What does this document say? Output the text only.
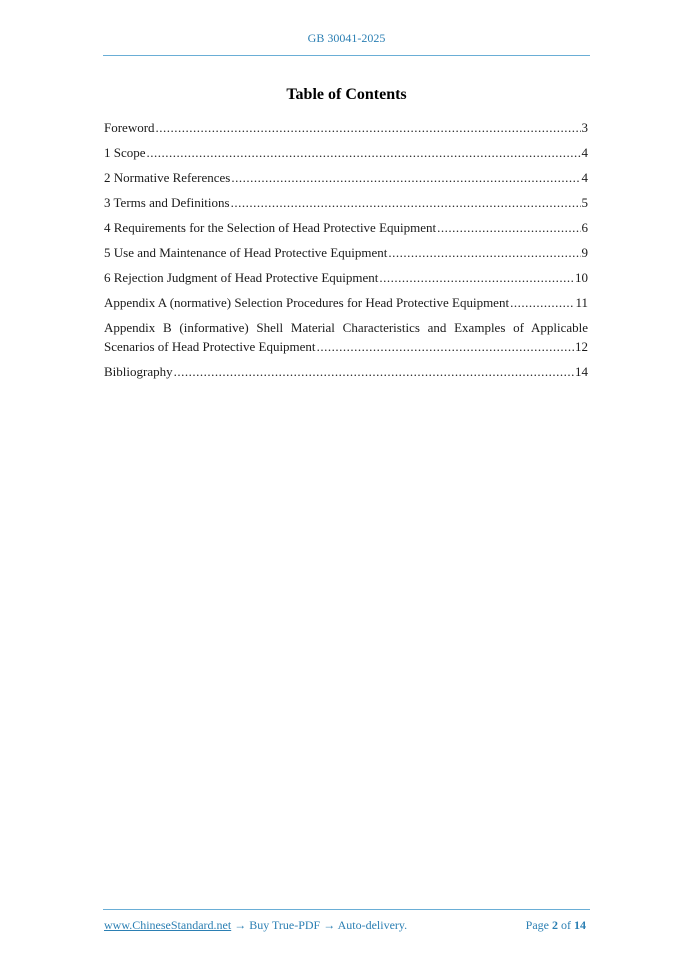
GB 30041-2025
Table of Contents
Foreword .....	3
1 Scope .....	4
2 Normative References .....	4
3 Terms and Definitions .....	5
4 Requirements for the Selection of Head Protective Equipment .....	6
5 Use and Maintenance of Head Protective Equipment .....	9
6 Rejection Judgment of Head Protective Equipment .....	10
Appendix A (normative) Selection Procedures for Head Protective Equipment .....	11
Appendix B (informative) Shell Material Characteristics and Examples of Applicable
Scenarios of Head Protective Equipment .....	12
Bibliography .....	14
www.ChineseStandard.net → Buy True-PDF → Auto-delivery.	Page 2 of 14
